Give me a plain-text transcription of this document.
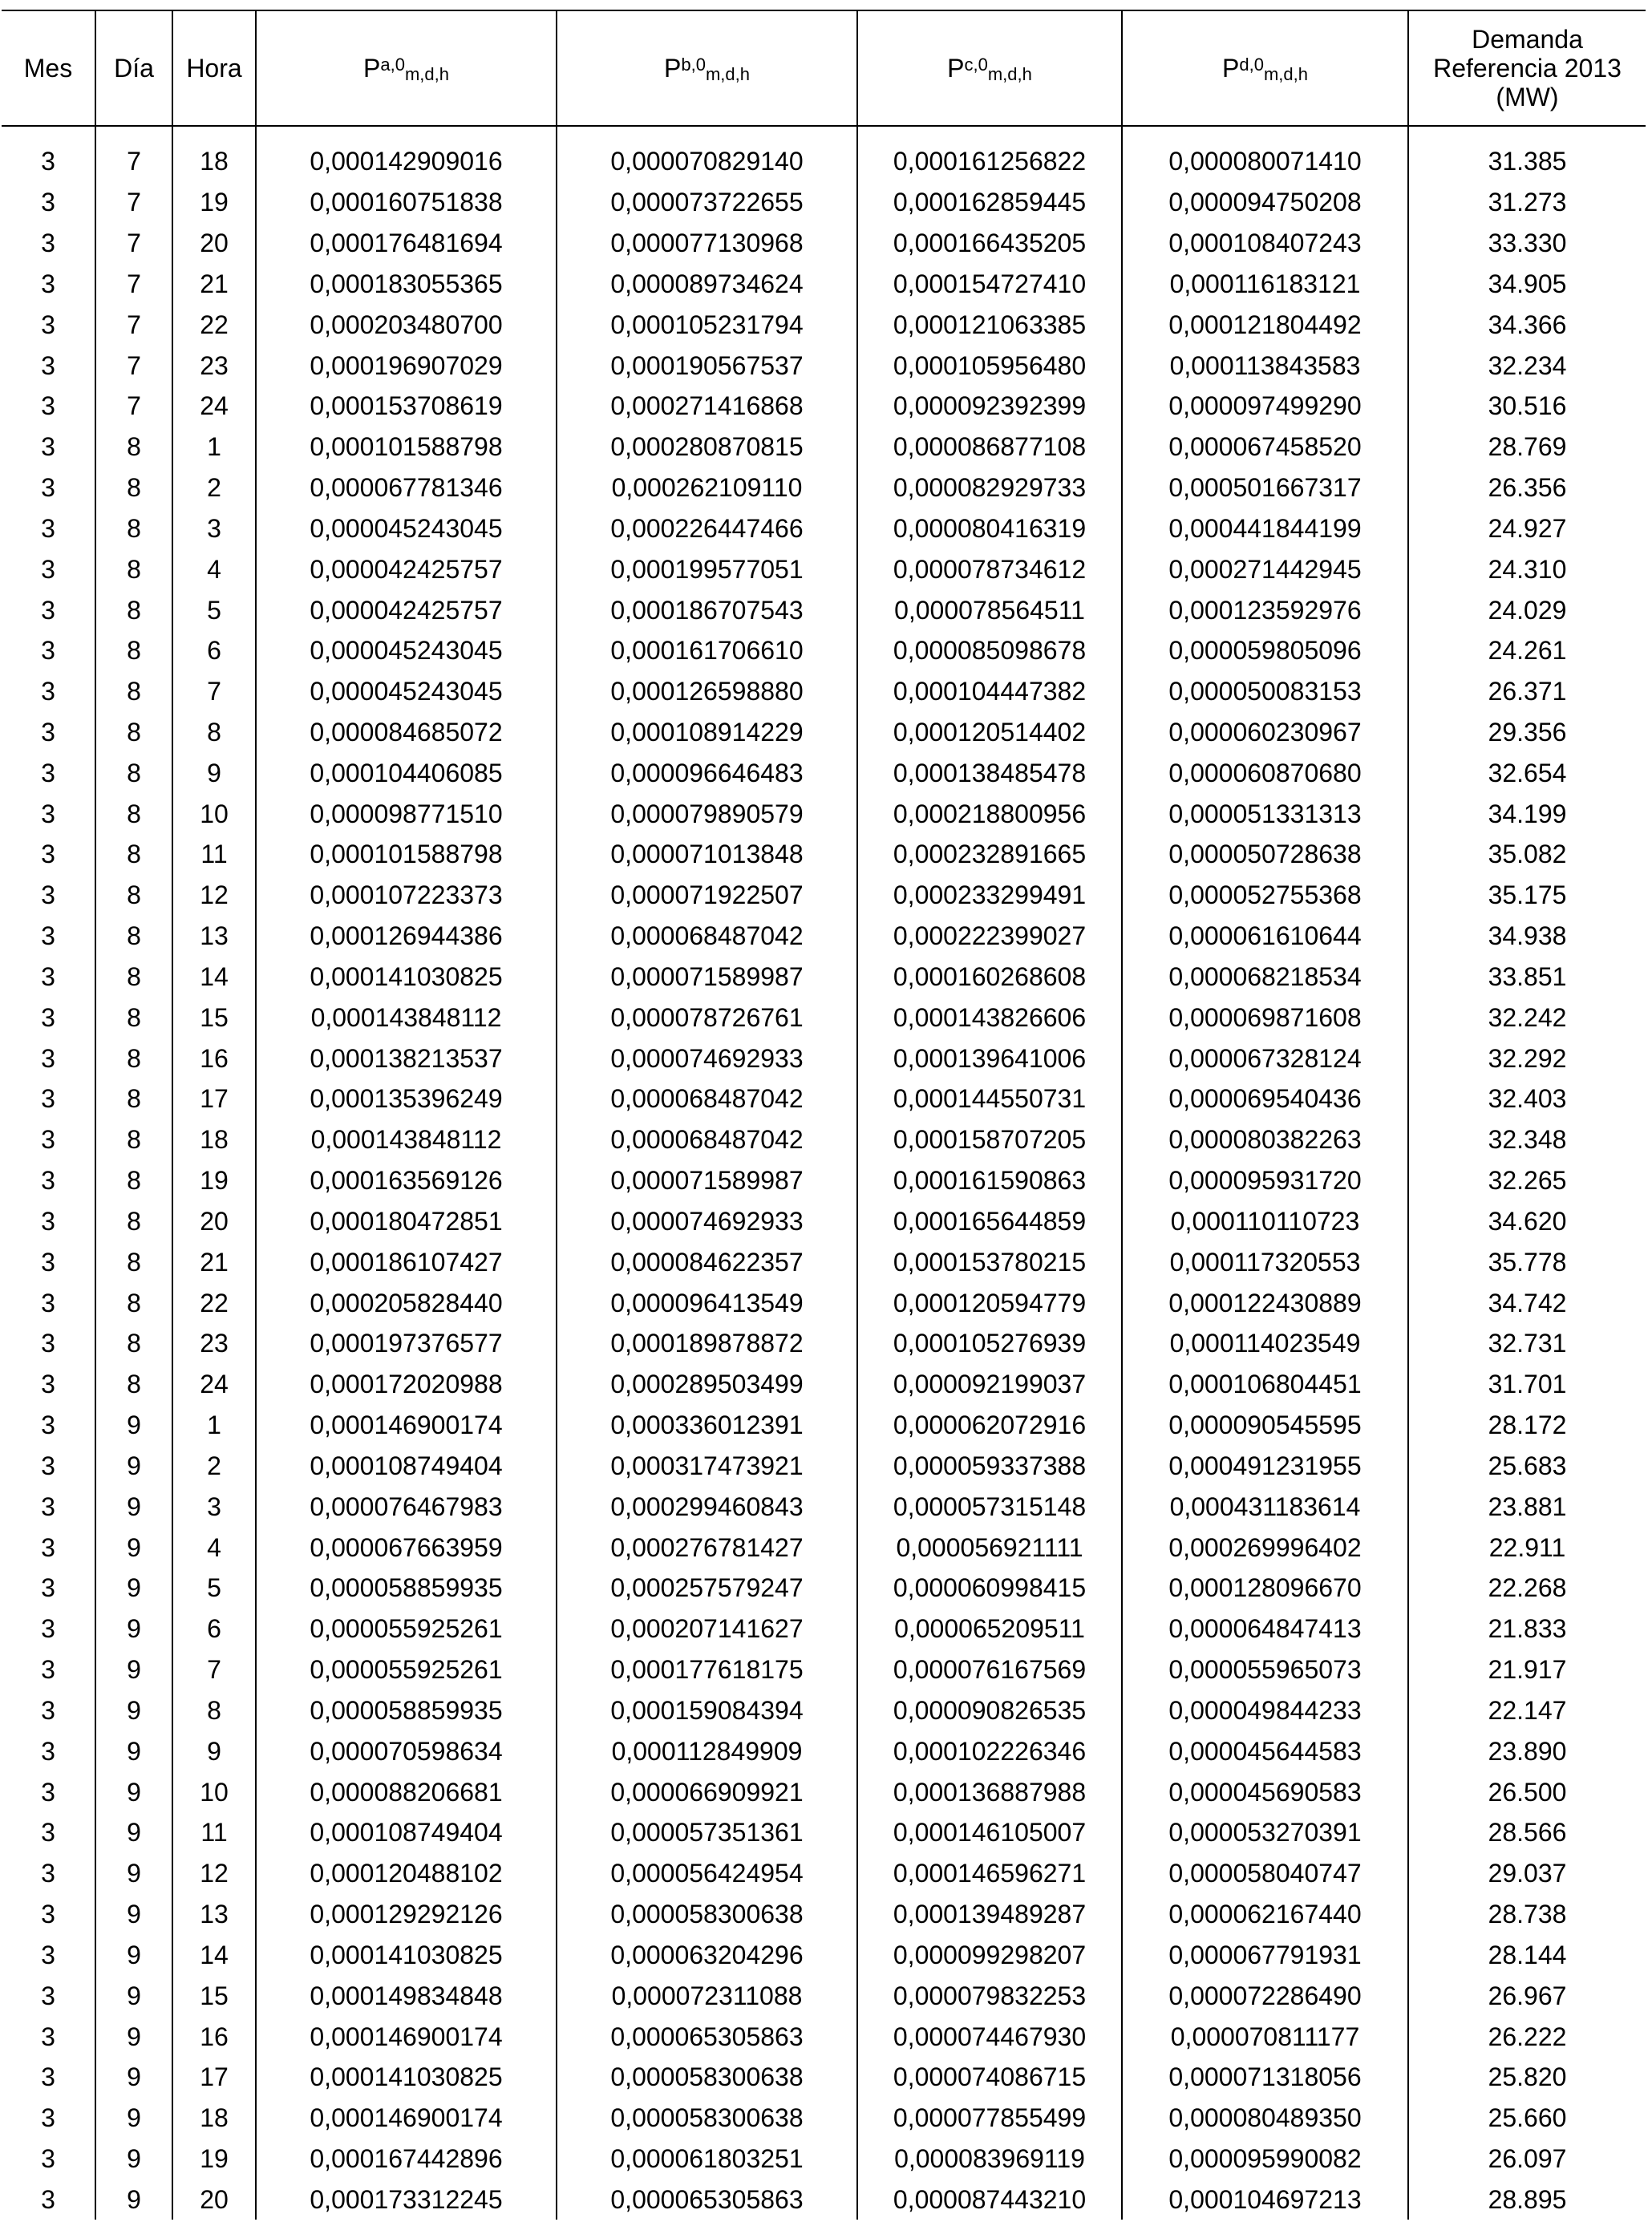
Mes	Día	Hora	P$^{a,0}_{m,d,h}$	P$^{b,0}_{m,d,h}$	P$^{c,0}_{m,d,h}$	P$^{d,0}_{m,d,h}$	Demanda
Referencia 2013
(MW)

3	7	18	0,000142909016	0,000070829140	0,000161256822	0,000080071410	31.385
3	7	19	0,000160751838	0,000073722655	0,000162859445	0,000094750208	31.273
3	7	20	0,000176481694	0,000077130968	0,000166435205	0,000108407243	33.330
3	7	21	0,000183055365	0,000089734624	0,000154727410	0,000116183121	34.905
3	7	22	0,000203480700	0,000105231794	0,000121063385	0,000121804492	34.366
3	7	23	0,000196907029	0,000190567537	0,000105956480	0,000113843583	32.234
3	7	24	0,000153708619	0,000271416868	0,000092392399	0,000097499290	30.516
3	8	1	0,000101588798	0,000280870815	0,000086877108	0,000067458520	28.769
3	8	2	0,000067781346	0,000262109110	0,000082929733	0,000501667317	26.356
3	8	3	0,000045243045	0,000226447466	0,000080416319	0,000441844199	24.927
3	8	4	0,000042425757	0,000199577051	0,000078734612	0,000271442945	24.310
3	8	5	0,000042425757	0,000186707543	0,000078564511	0,000123592976	24.029
3	8	6	0,000045243045	0,000161706610	0,000085098678	0,000059805096	24.261
3	8	7	0,000045243045	0,000126598880	0,000104447382	0,000050083153	26.371
3	8	8	0,000084685072	0,000108914229	0,000120514402	0,000060230967	29.356
3	8	9	0,000104406085	0,000096646483	0,000138485478	0,000060870680	32.654
3	8	10	0,000098771510	0,000079890579	0,000218800956	0,000051331313	34.199
3	8	11	0,000101588798	0,000071013848	0,000232891665	0,000050728638	35.082
3	8	12	0,000107223373	0,000071922507	0,000233299491	0,000052755368	35.175
3	8	13	0,000126944386	0,000068487042	0,000222399027	0,000061610644	34.938
3	8	14	0,000141030825	0,000071589987	0,000160268608	0,000068218534	33.851
3	8	15	0,000143848112	0,000078726761	0,000143826606	0,000069871608	32.242
3	8	16	0,000138213537	0,000074692933	0,000139641006	0,000067328124	32.292
3	8	17	0,000135396249	0,000068487042	0,000144550731	0,000069540436	32.403
3	8	18	0,000143848112	0,000068487042	0,000158707205	0,000080382263	32.348
3	8	19	0,000163569126	0,000071589987	0,000161590863	0,000095931720	32.265
3	8	20	0,000180472851	0,000074692933	0,000165644859	0,000110110723	34.620
3	8	21	0,000186107427	0,000084622357	0,000153780215	0,000117320553	35.778
3	8	22	0,000205828440	0,000096413549	0,000120594779	0,000122430889	34.742
3	8	23	0,000197376577	0,000189878872	0,000105276939	0,000114023549	32.731
3	8	24	0,000172020988	0,000289503499	0,000092199037	0,000106804451	31.701
3	9	1	0,000146900174	0,000336012391	0,000062072916	0,000090545595	28.172
3	9	2	0,000108749404	0,000317473921	0,000059337388	0,000491231955	25.683
3	9	3	0,000076467983	0,000299460843	0,000057315148	0,000431183614	23.881
3	9	4	0,000067663959	0,000276781427	0,000056921111	0,000269996402	22.911
3	9	5	0,000058859935	0,000257579247	0,000060998415	0,000128096670	22.268
3	9	6	0,000055925261	0,000207141627	0,000065209511	0,000064847413	21.833
3	9	7	0,000055925261	0,000177618175	0,000076167569	0,000055965073	21.917
3	9	8	0,000058859935	0,000159084394	0,000090826535	0,000049844233	22.147
3	9	9	0,000070598634	0,000112849909	0,000102226346	0,000045644583	23.890
3	9	10	0,000088206681	0,000066909921	0,000136887988	0,000045690583	26.500
3	9	11	0,000108749404	0,000057351361	0,000146105007	0,000053270391	28.566
3	9	12	0,000120488102	0,000056424954	0,000146596271	0,000058040747	29.037
3	9	13	0,000129292126	0,000058300638	0,000139489287	0,000062167440	28.738
3	9	14	0,000141030825	0,000063204296	0,000099298207	0,000067791931	28.144
3	9	15	0,000149834848	0,000072311088	0,000079832253	0,000072286490	26.967
3	9	16	0,000146900174	0,000065305863	0,000074467930	0,000070811177	26.222
3	9	17	0,000141030825	0,000058300638	0,000074086715	0,000071318056	25.820
3	9	18	0,000146900174	0,000058300638	0,000077855499	0,000080489350	25.660
3	9	19	0,000167442896	0,000061803251	0,000083969119	0,000095990082	26.097
3	9	20	0,000173312245	0,000065305863	0,000087443210	0,000104697213	28.895
